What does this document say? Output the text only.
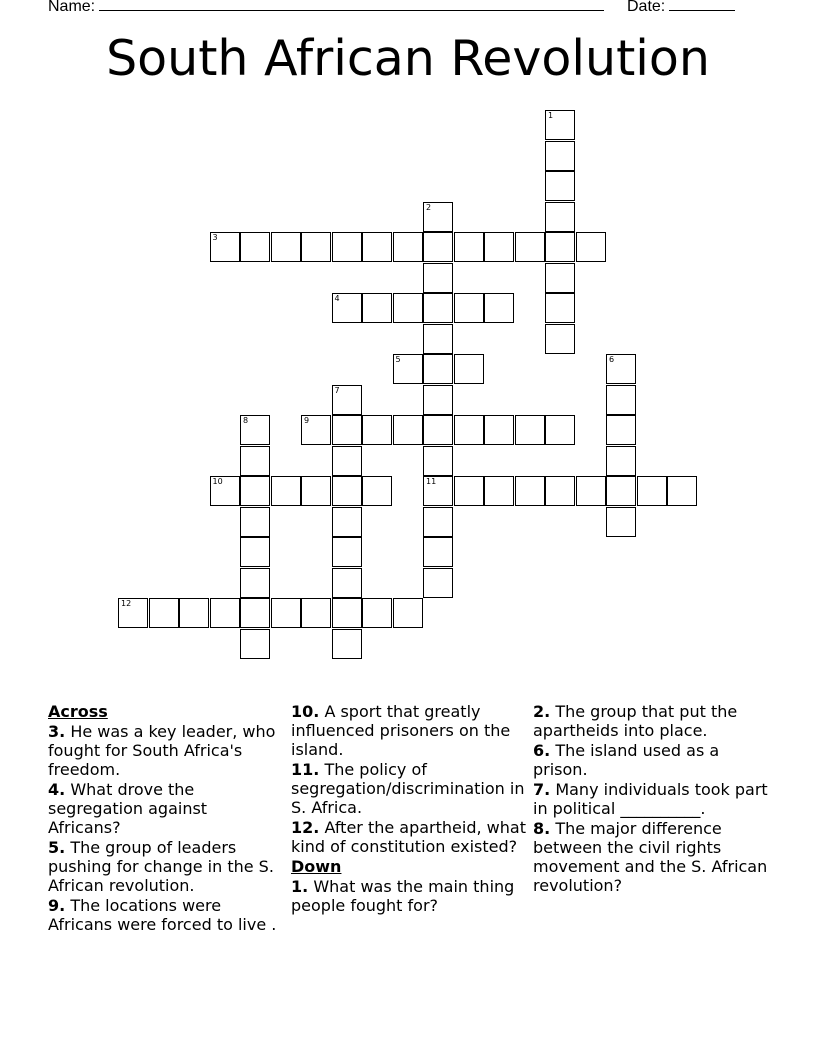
Name:	Date:
South African Revolution
1
2
11
3
4
5	6
7
8	9
10
12
Across
3. He was a key leader, who fought for South Africa's freedom.
4. What drove the segregation against Africans?
5. The group of leaders pushing for change in the S. African revolution.
9. The locations were Africans were forced to live .
10. A sport that greatly influenced prisoners on the island.
11. The policy of segregation/discrimination in S. Africa.
12. After the apartheid, what kind of constitution existed?
Down
1. What was the main thing people fought for?
2. The group that put the apartheids into place.
6. The island used as a prison.
7. Many individuals took part in political __________.
8. The major difference between the civil rights movement and the S. African revolution?
